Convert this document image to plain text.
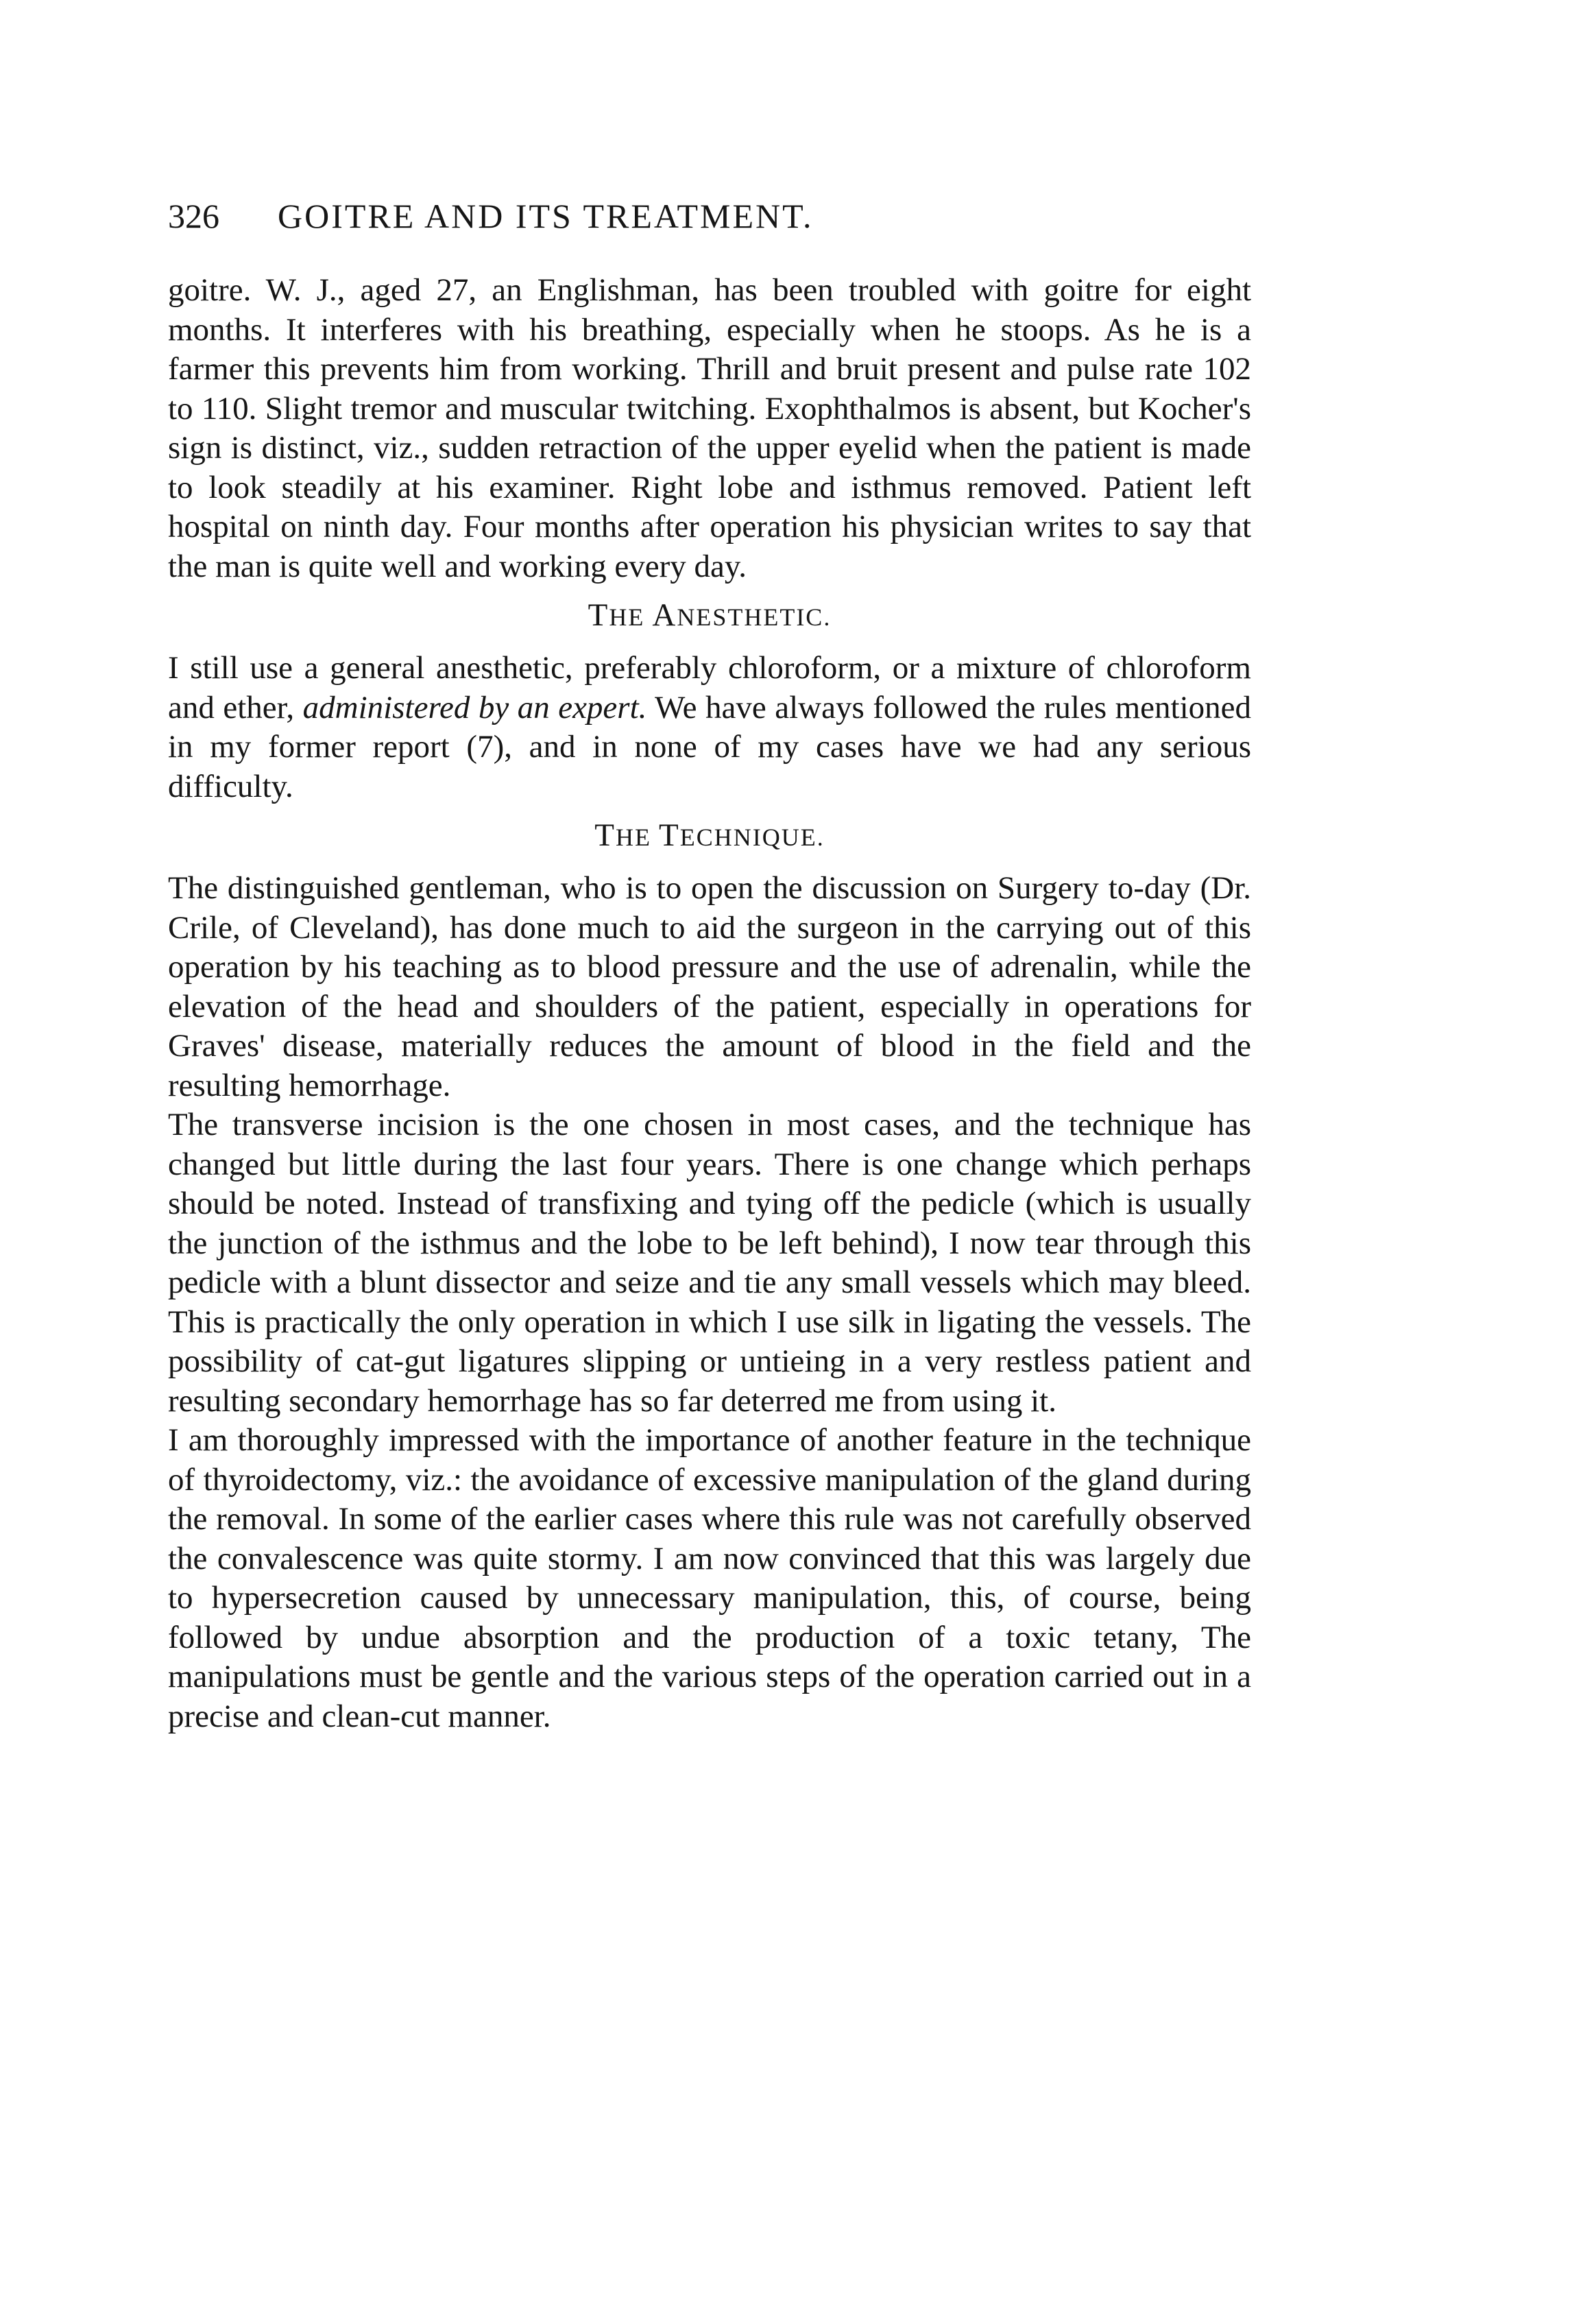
326 GOITRE AND ITS TREATMENT.

goitre. W. J., aged 27, an Englishman, has been troubled with goitre for eight months. It interferes with his breathing, especially when he stoops. As he is a farmer this prevents him from working. Thrill and bruit present and pulse rate 102 to 110. Slight tremor and muscular twitching. Exophthalmos is absent, but Kocher's sign is distinct, viz., sudden retraction of the upper eyelid when the patient is made to look steadily at his examiner. Right lobe and isthmus removed. Patient left hospital on ninth day. Four months after operation his physician writes to say that the man is quite well and working every day.

THE ANESTHETIC.

I still use a general anesthetic, preferably chloroform, or a mixture of chloroform and ether, administered by an expert. We have always followed the rules mentioned in my former report (7), and in none of my cases have we had any serious difficulty.

THE TECHNIQUE.

The distinguished gentleman, who is to open the discussion on Surgery to-day (Dr. Crile, of Cleveland), has done much to aid the surgeon in the carrying out of this operation by his teaching as to blood pressure and the use of adrenalin, while the elevation of the head and shoulders of the patient, especially in operations for Graves' disease, materially reduces the amount of blood in the field and the resulting hemorrhage.

The transverse incision is the one chosen in most cases, and the technique has changed but little during the last four years. There is one change which perhaps should be noted. Instead of transfixing and tying off the pedicle (which is usually the junction of the isthmus and the lobe to be left behind), I now tear through this pedicle with a blunt dissector and seize and tie any small vessels which may bleed. This is practically the only operation in which I use silk in ligating the vessels. The possibility of cat-gut ligatures slipping or untieing in a very restless patient and resulting secondary hemorrhage has so far deterred me from using it.

I am thoroughly impressed with the importance of another feature in the technique of thyroidectomy, viz.: the avoidance of excessive manipulation of the gland during the removal. In some of the earlier cases where this rule was not carefully observed the convalescence was quite stormy. I am now convinced that this was largely due to hypersecretion caused by unnecessary manipulation, this, of course, being followed by undue absorption and the production of a toxic tetany, The manipulations must be gentle and the various steps of the operation carried out in a precise and clean-cut manner.
